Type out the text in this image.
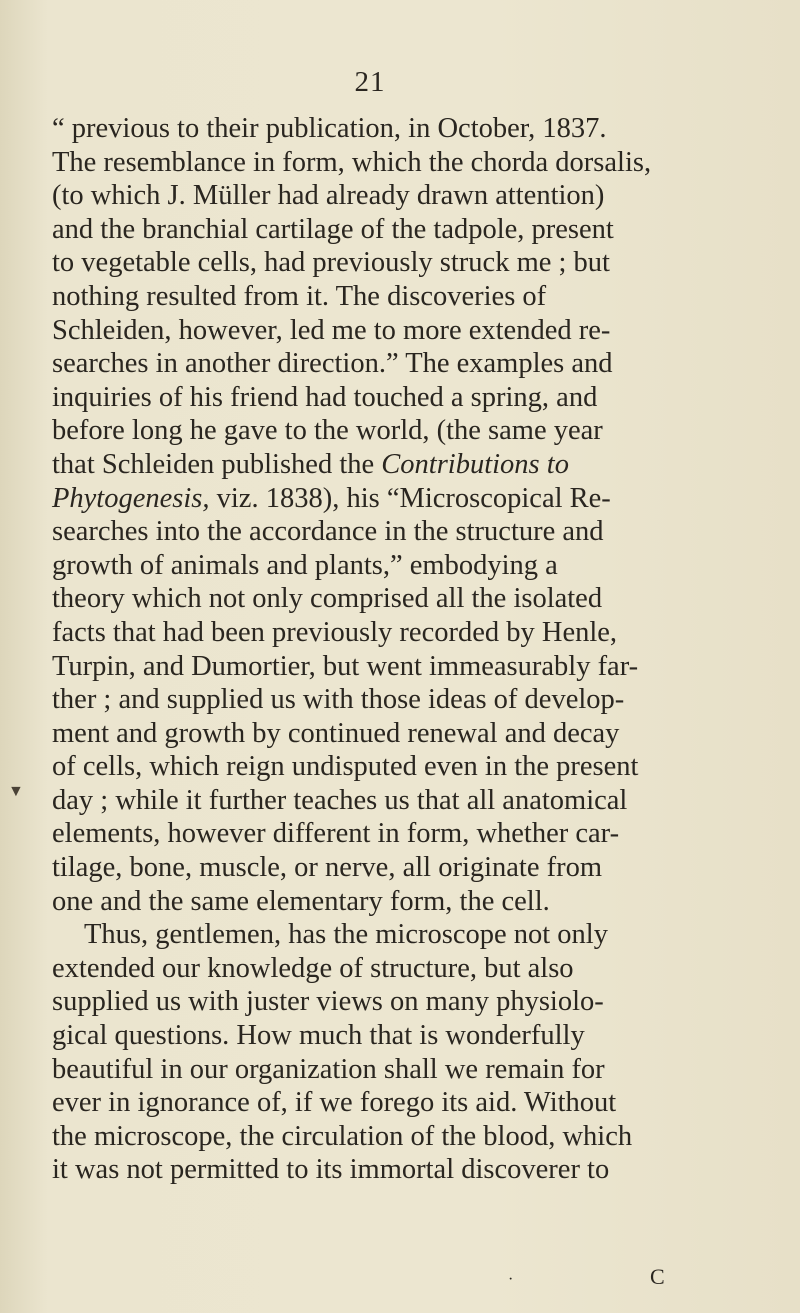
21
“ previous to their publication, in October, 1837.
The resemblance in form, which the chorda dorsalis,
(to which J. Müller had already drawn attention)
and the branchial cartilage of the tadpole, present
to vegetable cells, had previously struck me ; but
nothing resulted from it. The discoveries of
Schleiden, however, led me to more extended re-
searches in another direction.” The examples and
inquiries of his friend had touched a spring, and
before long he gave to the world, (the same year
that Schleiden published the Contributions to
Phytogenesis, viz. 1838), his “Microscopical Re-
searches into the accordance in the structure and
growth of animals and plants,” embodying a
theory which not only comprised all the isolated
facts that had been previously recorded by Henle,
Turpin, and Dumortier, but went immeasurably far-
ther ; and supplied us with those ideas of develop-
ment and growth by continued renewal and decay
of cells, which reign undisputed even in the present
day ; while it further teaches us that all anatomical
elements, however different in form, whether car-
tilage, bone, muscle, or nerve, all originate from
one and the same elementary form, the cell.
Thus, gentlemen, has the microscope not only
extended our knowledge of structure, but also
supplied us with juster views on many physiolo-
gical questions. How much that is wonderfully
beautiful in our organization shall we remain for
ever in ignorance of, if we forego its aid. Without
the microscope, the circulation of the blood, which
it was not permitted to its immortal discoverer to
▼
·	C
